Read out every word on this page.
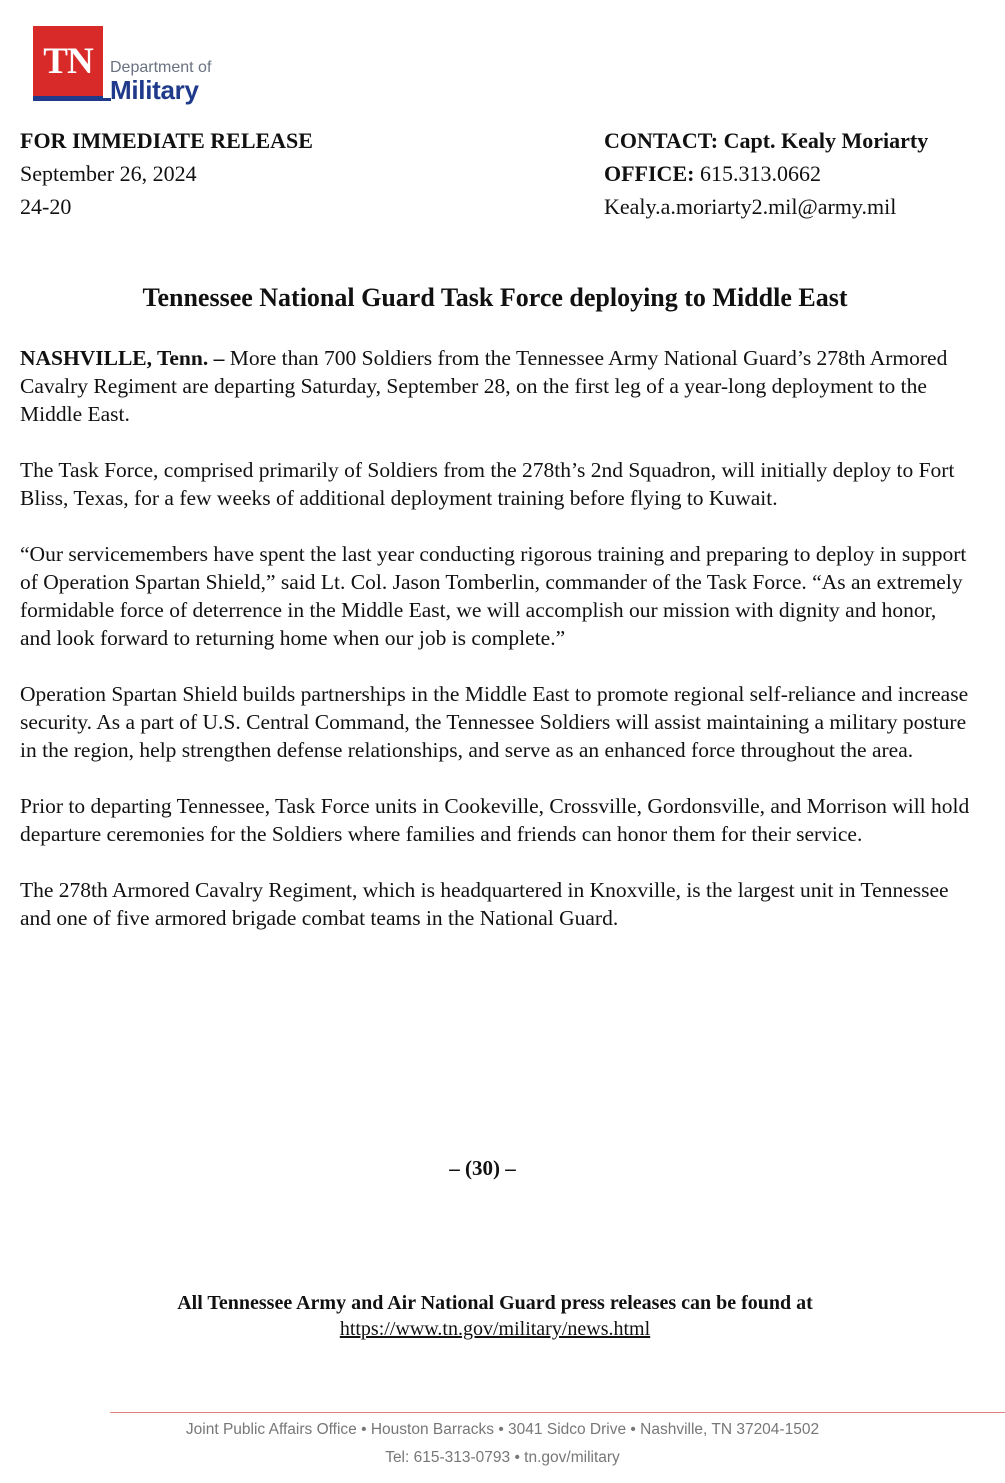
TN	Department of
Military
FOR IMMEDIATE RELEASE
September 26, 2024
24-20
CONTACT: Capt. Kealy Moriarty
OFFICE: 615.313.0662
Kealy.a.moriarty2.mil@army.mil
Tennessee National Guard Task Force deploying to Middle East

NASHVILLE, Tenn. – More than 700 Soldiers from the Tennessee Army National Guard’s 278th Armored Cavalry Regiment are departing Saturday, September 28, on the first leg of a year-long deployment to the Middle East.

The Task Force, comprised primarily of Soldiers from the 278th’s 2nd Squadron, will initially deploy to Fort Bliss, Texas, for a few weeks of additional deployment training before flying to Kuwait.

“Our servicemembers have spent the last year conducting rigorous training and preparing to deploy in support of Operation Spartan Shield,” said Lt. Col. Jason Tomberlin, commander of the Task Force. “As an extremely formidable force of deterrence in the Middle East, we will accomplish our mission with dignity and honor, and look forward to returning home when our job is complete.”

Operation Spartan Shield builds partnerships in the Middle East to promote regional self-reliance and increase security. As a part of U.S. Central Command, the Tennessee Soldiers will assist maintaining a military posture in the region, help strengthen defense relationships, and serve as an enhanced force throughout the area.

Prior to departing Tennessee, Task Force units in Cookeville, Crossville, Gordonsville, and Morrison will hold departure ceremonies for the Soldiers where families and friends can honor them for their service.

The 278th Armored Cavalry Regiment, which is headquartered in Knoxville, is the largest unit in Tennessee and one of five armored brigade combat teams in the National Guard.

– (30) –
All Tennessee Army and Air National Guard press releases can be found at
https://www.tn.gov/military/news.html
Joint Public Affairs Office • Houston Barracks • 3041 Sidco Drive • Nashville, TN 37204-1502
Tel: 615-313-0793 • tn.gov/military
